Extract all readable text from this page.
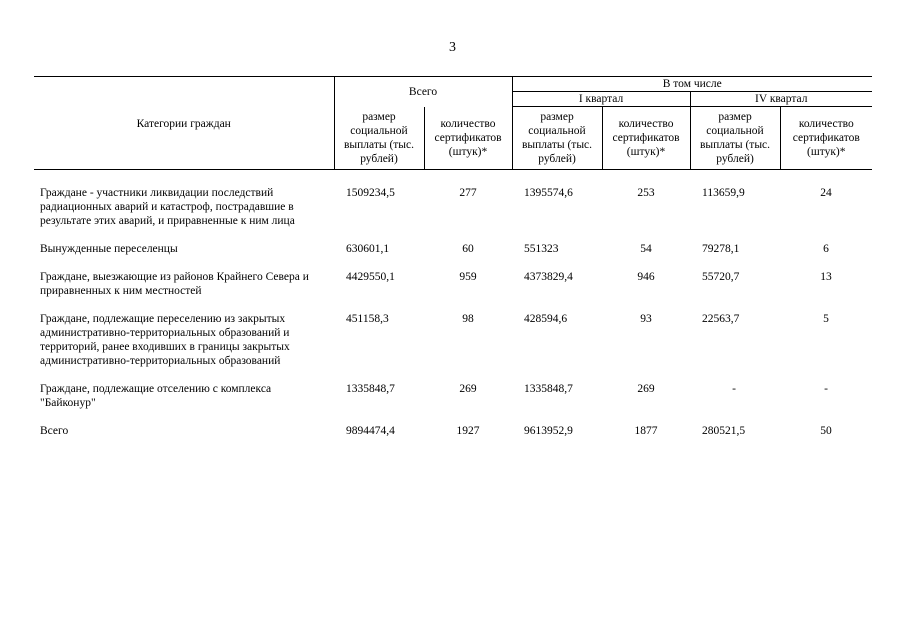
3
Категории граждан	Всего		В том числе			
			I квартал		IV квартал	
	размер социальной выплаты (тыс. рублей)	количество сертификатов (штук)*	размер социальной выплаты (тыс. рублей)	количество сертификатов (штук)*	размер социальной выплаты (тыс. рублей)	количество сертификатов (штук)*

Граждане - участники ликвидации последствий радиационных аварий и катастроф, пострадавшие в результате этих аварий, и приравненные к ним лица	1509234,5	277	1395574,6	253	113659,9	24
Вынужденные переселенцы	630601,1	60	551323	54	79278,1	6
Граждане, выезжающие из районов Крайнего Севера и приравненных к ним местностей	4429550,1	959	4373829,4	946	55720,7	13
Граждане, подлежащие переселению из закрытых административно-территориальных образований и территорий, ранее входивших в границы закрытых административно-территориальных образований	451158,3	98	428594,6	93	22563,7	5
Граждане, подлежащие отселению с комплекса "Байконур"	1335848,7	269	1335848,7	269	-	-
Всего	9894474,4	1927	9613952,9	1877	280521,5	50
